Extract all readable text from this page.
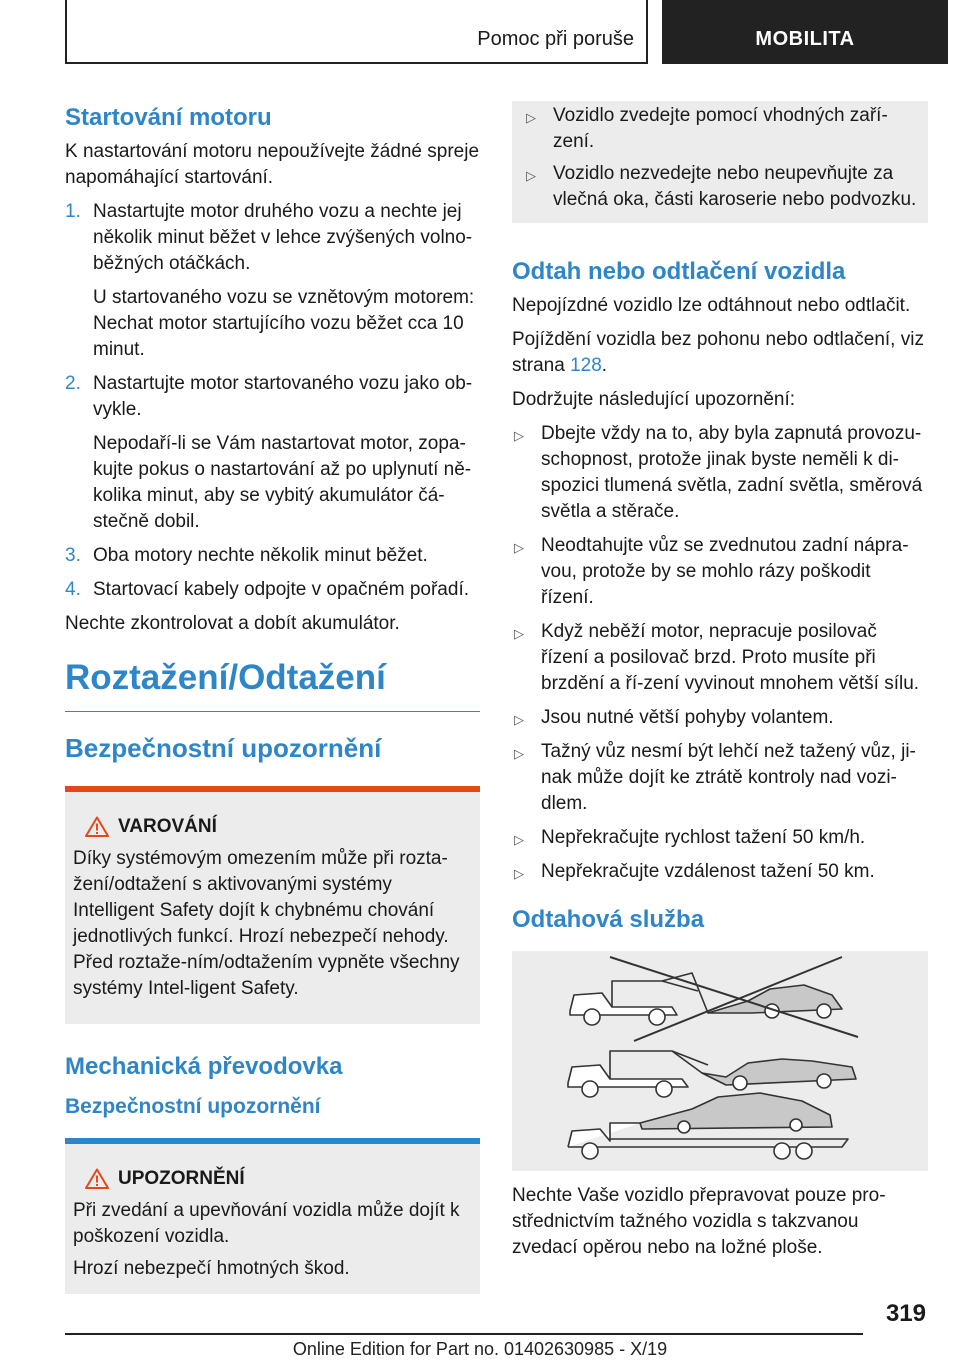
Pomoc při poruše	MOBILITA
Startování motoru
K nastartování motoru nepoužívejte žádné spreje napomáhající startování.
1. Nastartujte motor druhého vozu a nechte jej několik minut běžet v lehce zvýšených volno-běžných otáčkách.
U startovaného vozu se vznětovým motorem: Nechat motor startujícího vozu běžet cca 10 minut.
2. Nastartujte motor startovaného vozu jako ob-vykle.
Nepodaří-li se Vám nastartovat motor, zopa-kujte pokus o nastartování až po uplynutí ně-kolika minut, aby se vybitý akumulátor čá-stečně dobil.
3. Oba motory nechte několik minut běžet.
4. Startovací kabely odpojte v opačném pořadí.
Nechte zkontrolovat a dobít akumulátor.
Roztažení/Odtažení
Bezpečnostní upozornění
VAROVÁNÍ
Díky systémovým omezením může při rozta-žení/odtažení s aktivovanými systémy Intelligent Safety dojít k chybnému chování jednotlivých funkcí. Hrozí nebezpečí nehody. Před roztaže-ním/odtažením vypněte všechny systémy Intel-ligent Safety.
Mechanická převodovka
Bezpečnostní upozornění
UPOZORNĚNÍ
Při zvedání a upevňování vozidla může dojít k poškození vozidla.
Hrozí nebezpečí hmotných škod.
▷ Vozidlo zvedejte pomocí vhodných zaří-zení.
▷ Vozidlo nezvedejte nebo neupevňujte za vlečná oka, části karoserie nebo podvozku.
Odtah nebo odtlačení vozidla
Nepojízdné vozidlo lze odtáhnout nebo odtlačit.
Pojíždění vozidla bez pohonu nebo odtlačení, viz strana 128.
Dodržujte následující upozornění:
▷ Dbejte vždy na to, aby byla zapnutá provozu-schopnost, protože jinak byste neměli k di-spozici tlumená světla, zadní světla, směrová světla a stěrače.
▷ Neodtahujte vůz se zvednutou zadní nápra-vou, protože by se mohlo rázy poškodit řízení.
▷ Když neběží motor, nepracuje posilovač řízení a posilovač brzd. Proto musíte při brzdění a ří-zení vyvinout mnohem větší sílu.
▷ Jsou nutné větší pohyby volantem.
▷ Tažný vůz nesmí být lehčí než tažený vůz, ji-nak může dojít ke ztrátě kontroly nad vozi-dlem.
▷ Nepřekračujte rychlost tažení 50 km/h.
▷ Nepřekračujte vzdálenost tažení 50 km.
Odtahová služba
Nechte Vaše vozidlo přepravovat pouze pro-střednictvím tažného vozidla s takzvanou zvedací opěrou nebo na ložné ploše.
319
Online Edition for Part no. 01402630985 - X/19
